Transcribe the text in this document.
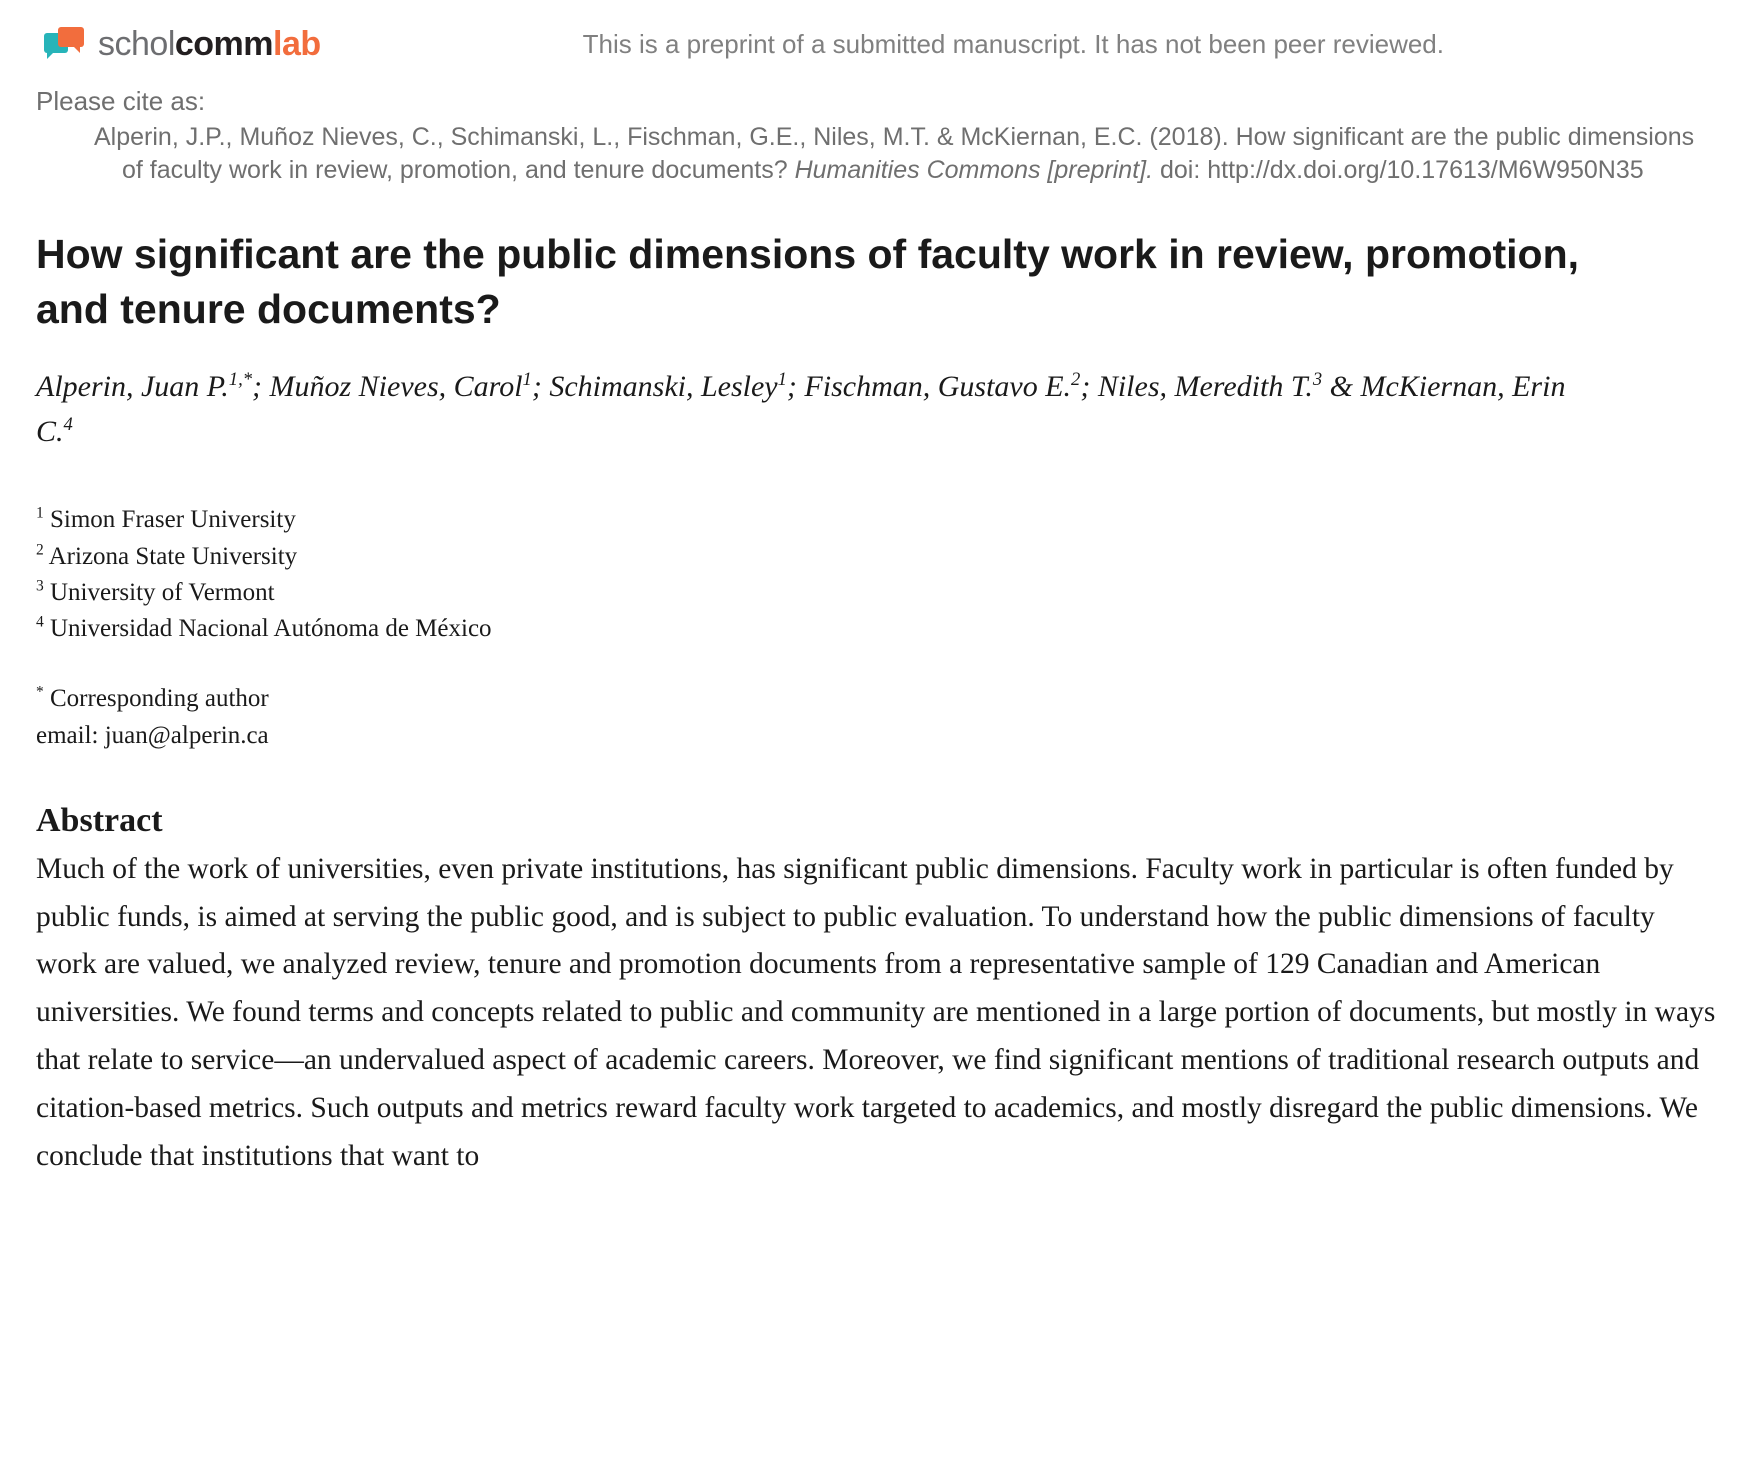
scholcommlab	This is a preprint of a submitted manuscript. It has not been peer reviewed.
Please cite as:
Alperin, J.P., Muñoz Nieves, C., Schimanski, L., Fischman, G.E., Niles, M.T. & McKiernan, E.C. (2018). How significant are the public dimensions of faculty work in review, promotion, and tenure documents? Humanities Commons [preprint]. doi: http://dx.doi.org/10.17613/M6W950N35
How significant are the public dimensions of faculty work in review, promotion, and tenure documents?
Alperin, Juan P.$^{1,*}$; Muñoz Nieves, Carol$^1$; Schimanski, Lesley$^1$; Fischman, Gustavo E.$^2$; Niles, Meredith T.$^3$ & McKiernan, Erin C.$^4$
$^1$ Simon Fraser University
$^2$ Arizona State University
$^3$ University of Vermont
$^4$ Universidad Nacional Autónoma de México
* Corresponding author
email: juan@alperin.ca
Abstract
Much of the work of universities, even private institutions, has significant public dimensions. Faculty work in particular is often funded by public funds, is aimed at serving the public good, and is subject to public evaluation. To understand how the public dimensions of faculty work are valued, we analyzed review, tenure and promotion documents from a representative sample of 129 Canadian and American universities. We found terms and concepts related to public and community are mentioned in a large portion of documents, but mostly in ways that relate to service—an undervalued aspect of academic careers. Moreover, we find significant mentions of traditional research outputs and citation-based metrics. Such outputs and metrics reward faculty work targeted to academics, and mostly disregard the public dimensions. We conclude that institutions that want to
